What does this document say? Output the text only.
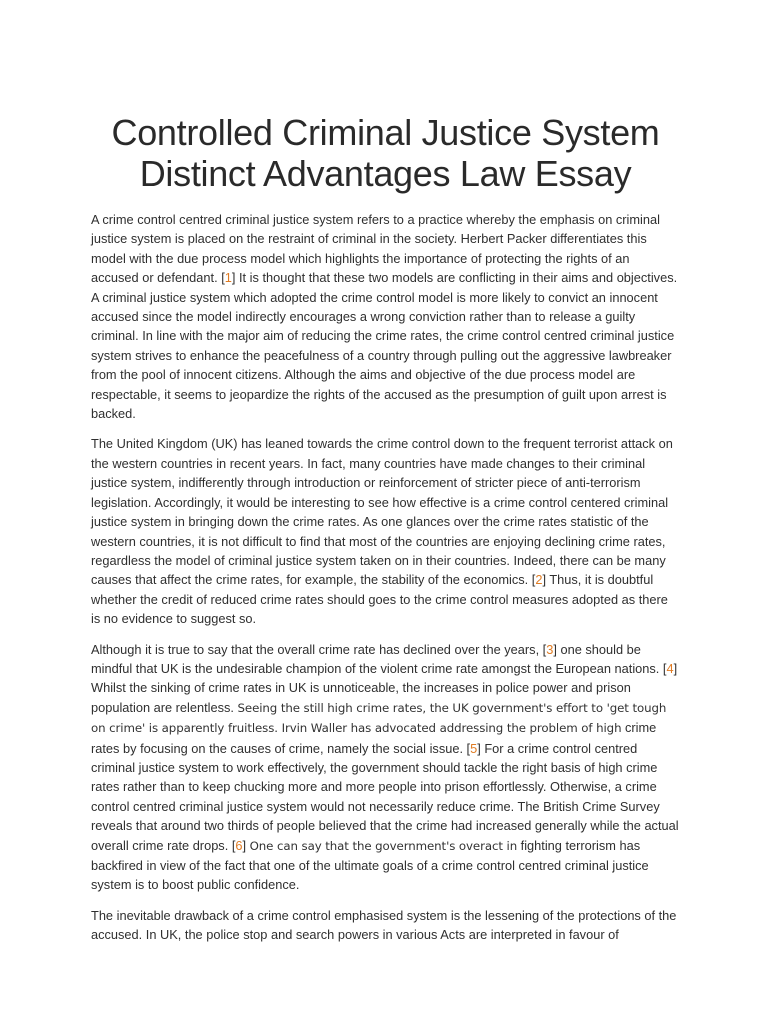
Controlled Criminal Justice System
Distinct Advantages Law Essay

A crime control centred criminal justice system refers to a practice whereby the emphasis on criminal justice system is placed on the restraint of criminal in the society. Herbert Packer differentiates this model with the due process model which highlights the importance of protecting the rights of an accused or defendant. [1] It is thought that these two models are conflicting in their aims and objectives. A criminal justice system which adopted the crime control model is more likely to convict an innocent accused since the model indirectly encourages a wrong conviction rather than to release a guilty criminal. In line with the major aim of reducing the crime rates, the crime control centred criminal justice system strives to enhance the peacefulness of a country through pulling out the aggressive lawbreaker from the pool of innocent citizens. Although the aims and objective of the due process model are respectable, it seems to jeopardize the rights of the accused as the presumption of guilt upon arrest is backed.

The United Kingdom (UK) has leaned towards the crime control down to the frequent terrorist attack on the western countries in recent years. In fact, many countries have made changes to their criminal justice system, indifferently through introduction or reinforcement of stricter piece of anti-terrorism legislation. Accordingly, it would be interesting to see how effective is a crime control centered criminal justice system in bringing down the crime rates. As one glances over the crime rates statistic of the western countries, it is not difficult to find that most of the countries are enjoying declining crime rates, regardless the model of criminal justice system taken on in their countries. Indeed, there can be many causes that affect the crime rates, for example, the stability of the economics. [2] Thus, it is doubtful whether the credit of reduced crime rates should goes to the crime control measures adopted as there is no evidence to suggest so.

Although it is true to say that the overall crime rate has declined over the years, [3] one should be mindful that UK is the undesirable champion of the violent crime rate amongst the European nations. [4] Whilst the sinking of crime rates in UK is unnoticeable, the increases in police power and prison population are relentless. Seeing the still high crime rates, the UK government's effort to 'get tough on crime' is apparently fruitless. Irvin Waller has advocated addressing the problem of high crime rates by focusing on the causes of crime, namely the social issue. [5] For a crime control centred criminal justice system to work effectively, the government should tackle the right basis of high crime rates rather than to keep chucking more and more people into prison effortlessly. Otherwise, a crime control centred criminal justice system would not necessarily reduce crime. The British Crime Survey reveals that around two thirds of people believed that the crime had increased generally while the actual overall crime rate drops. [6] One can say that the government's overact in fighting terrorism has backfired in view of the fact that one of the ultimate goals of a crime control centred criminal justice system is to boost public confidence.

The inevitable drawback of a crime control emphasised system is the lessening of the protections of the accused. In UK, the police stop and search powers in various Acts are interpreted in favour of
